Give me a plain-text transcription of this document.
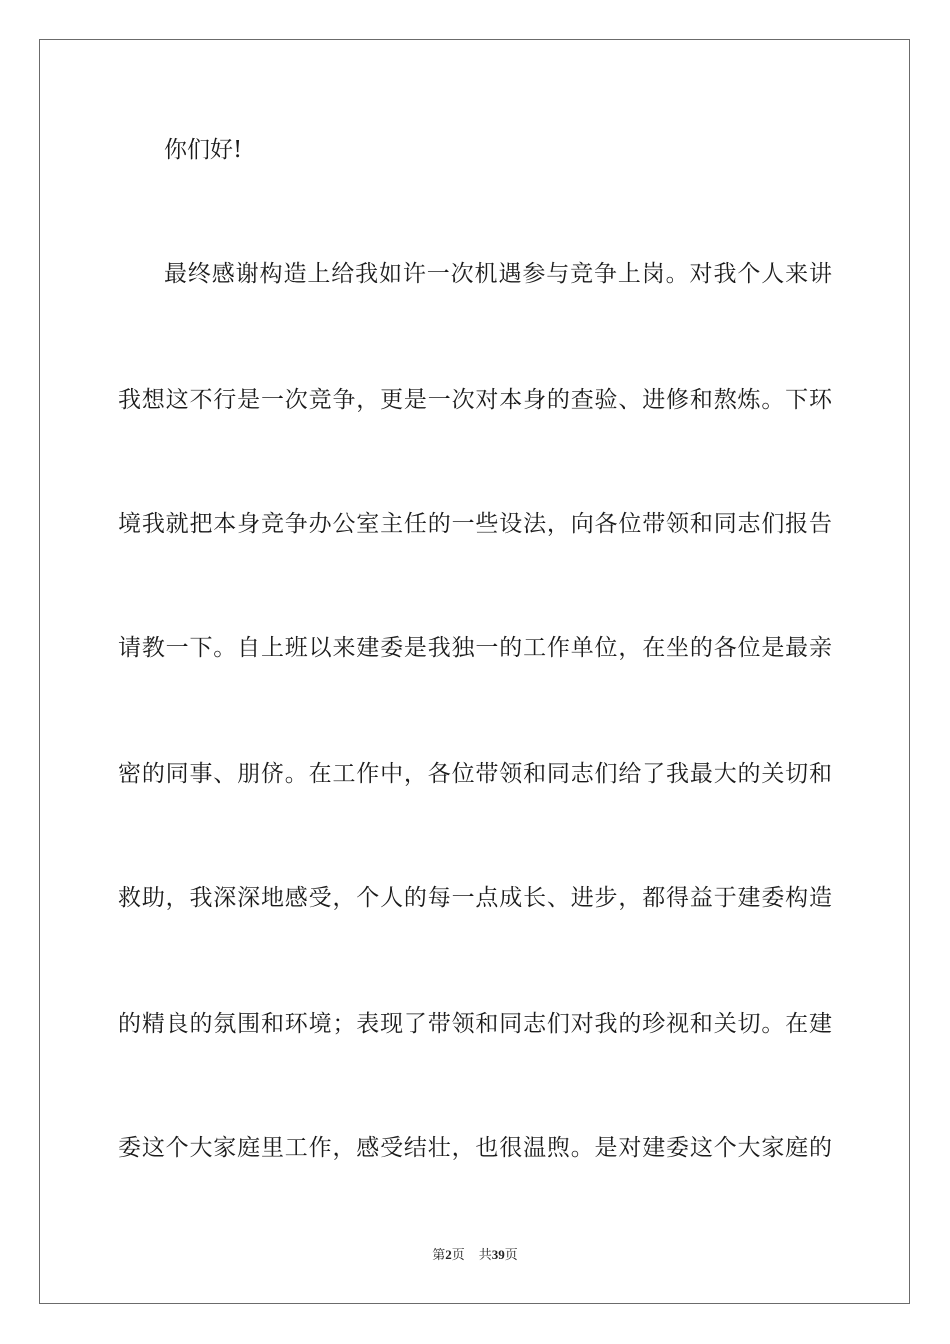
你们好!
最终感谢构造上给我如许一次机遇参与竞争上岗。对我个人来讲
我想这不行是一次竞争，更是一次对本身的查验、进修和熬炼。下环
境我就把本身竞争办公室主任的一些设法，向各位带领和同志们报告
请教一下。自上班以来建委是我独一的工作单位，在坐的各位是最亲
密的同事、朋侪。在工作中，各位带领和同志们给了我最大的关切和
救助，我深深地感受，个人的每一点成长、进步，都得益于建委构造
的精良的氛围和环境；表现了带领和同志们对我的珍视和关切。在建
委这个大家庭里工作，感受结壮，也很温煦。是对建委这个大家庭的
第2页 共39页
